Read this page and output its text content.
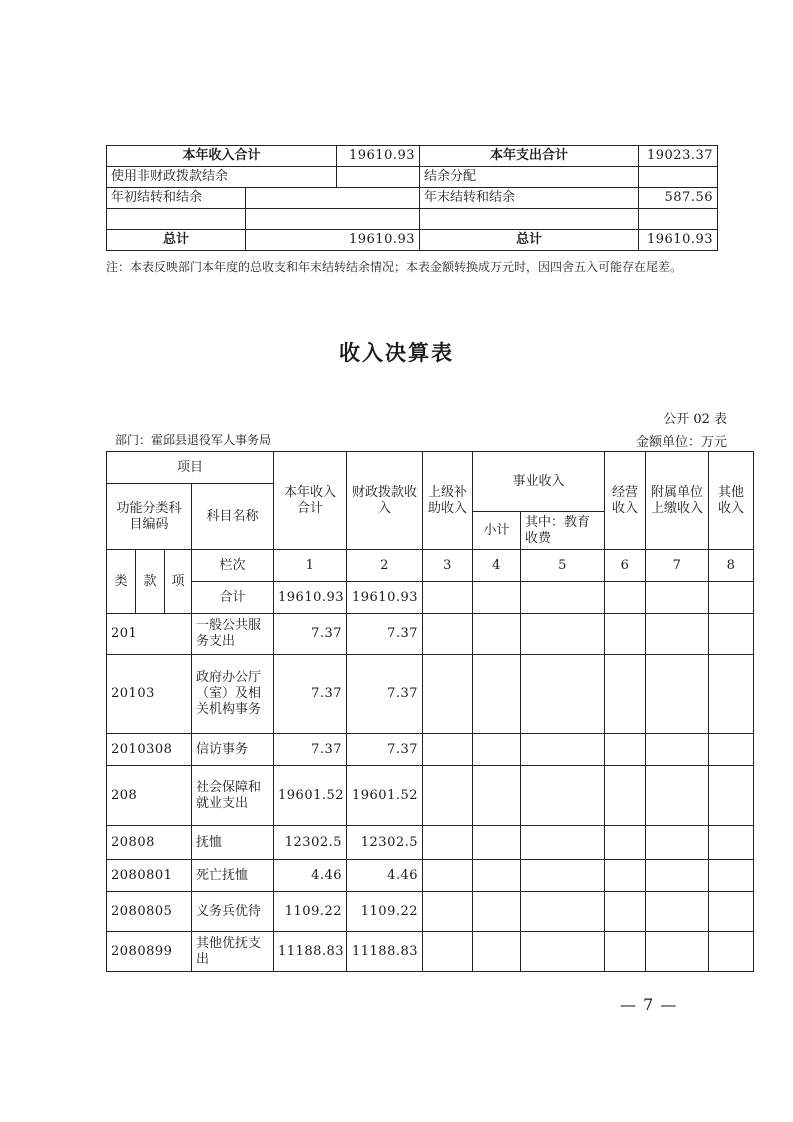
本年收入合计		19610.93	本年支出合计	19023.37
使用非财政拨款结余			结余分配	
年初结转和结余			年末结转和结余	587.56

总计	19610.93		总计	19610.93
注：本表反映部门本年度的总收支和年末结转结余情况；本表金额转换成万元时，因四舍五入可能存在尾差。
收入决算表
公开 02 表
部门：霍邱县退役军人事务局	金额单位：万元
项目				本年收入合计	财政拨款收入	上级补助收入	事业收入		经营收入	附属单位上缴收入	其他收入
功能分类科目编码			科目名称								
							小计	其中：教育收费			
类	款	项	栏次	1	2	3	4	5	6	7	8
			合计	19610.93	19610.93						
201			一般公共服务支出	7.37	7.37						
20103			政府办公厅（室）及相关机构事务	7.37	7.37						
2010308			信访事务	7.37	7.37						
208			社会保障和就业支出	19601.52	19601.52						
20808			抚恤	12302.5	12302.5						
2080801			死亡抚恤	4.46	4.46						
2080805			义务兵优待	1109.22	1109.22						
2080899			其他优抚支出	11188.83	11188.83						
— 7 —
